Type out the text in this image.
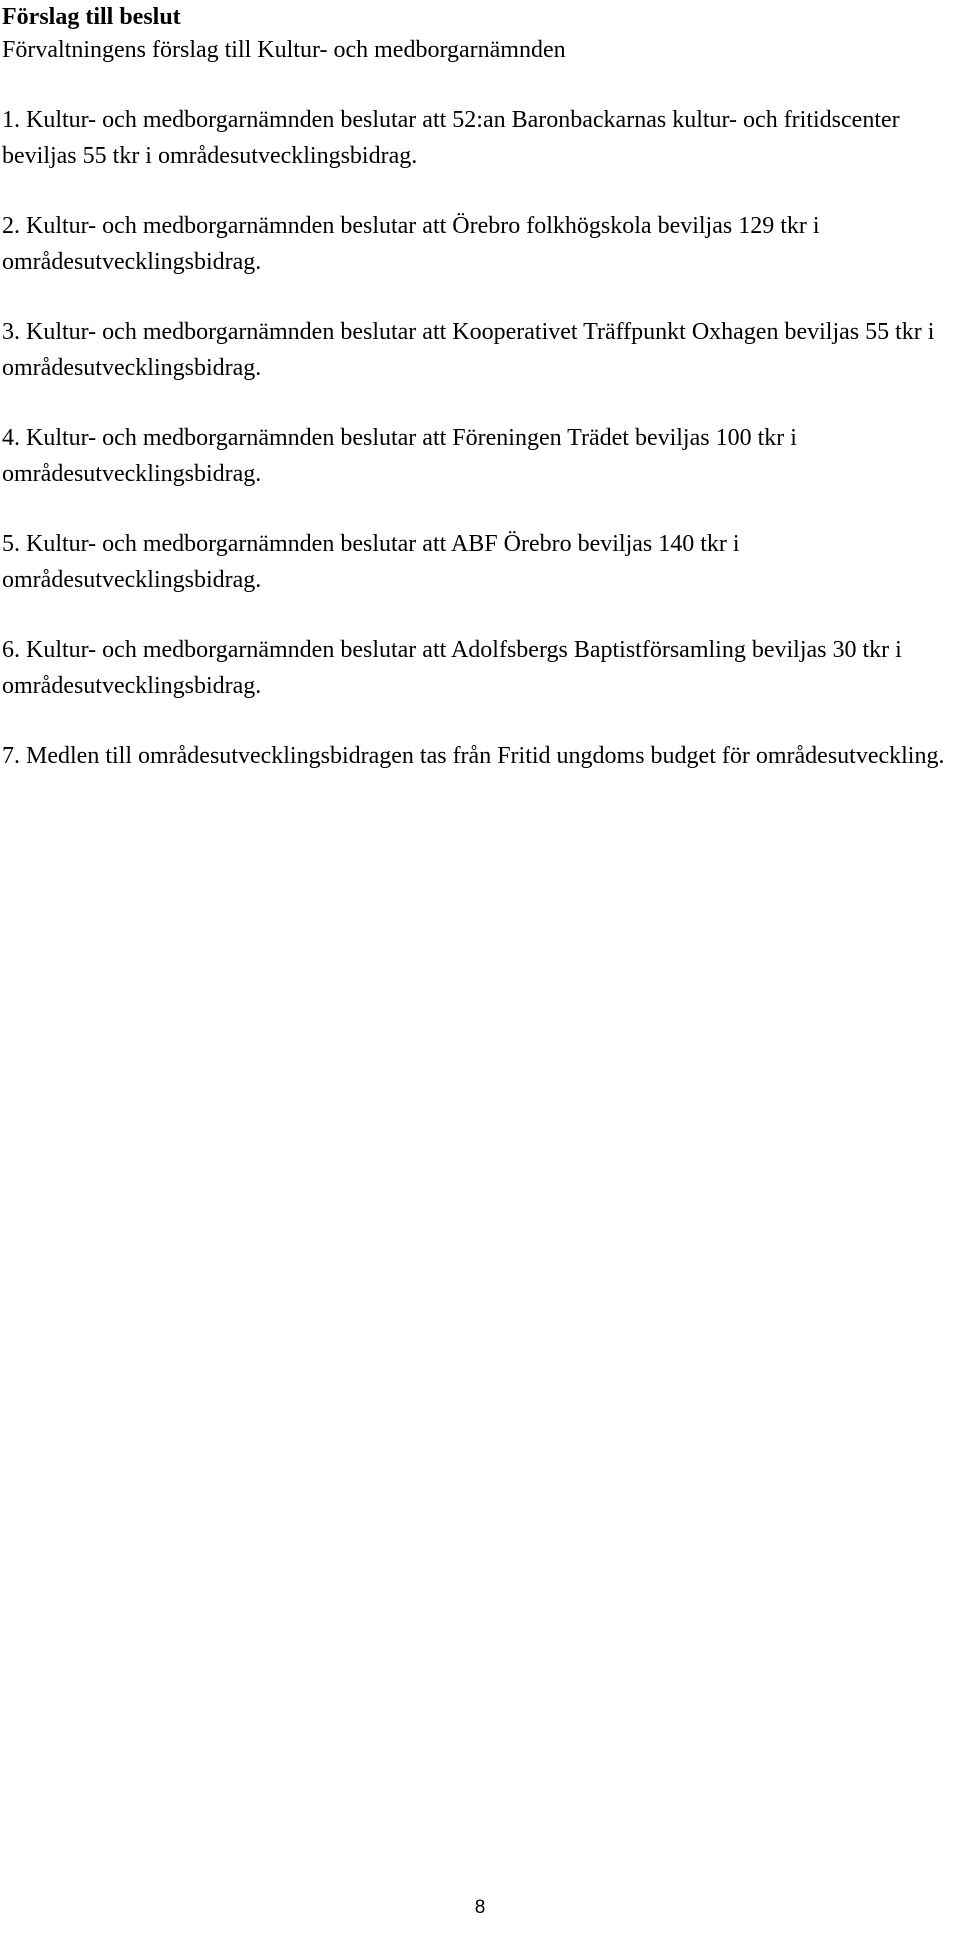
Förslag till beslut

Förvaltningens förslag till Kultur- och medborgarnämnden

1. Kultur- och medborgarnämnden beslutar att 52:an Baronbackarnas kultur- och fritidscenter beviljas 55 tkr i områdesutvecklingsbidrag.

2. Kultur- och medborgarnämnden beslutar att Örebro folkhögskola beviljas 129 tkr i områdesutvecklingsbidrag.

3. Kultur- och medborgarnämnden beslutar att Kooperativet Träffpunkt Oxhagen beviljas 55 tkr i områdesutvecklingsbidrag.

4. Kultur- och medborgarnämnden beslutar att Föreningen Trädet beviljas 100 tkr i områdesutvecklingsbidrag.

5. Kultur- och medborgarnämnden beslutar att ABF Örebro beviljas 140 tkr i områdesutvecklingsbidrag.

6. Kultur- och medborgarnämnden beslutar att Adolfsbergs Baptistförsamling beviljas 30 tkr i områdesutvecklingsbidrag.

7. Medlen till områdesutvecklingsbidragen tas från Fritid ungdoms budget för områdesutveckling.

8
